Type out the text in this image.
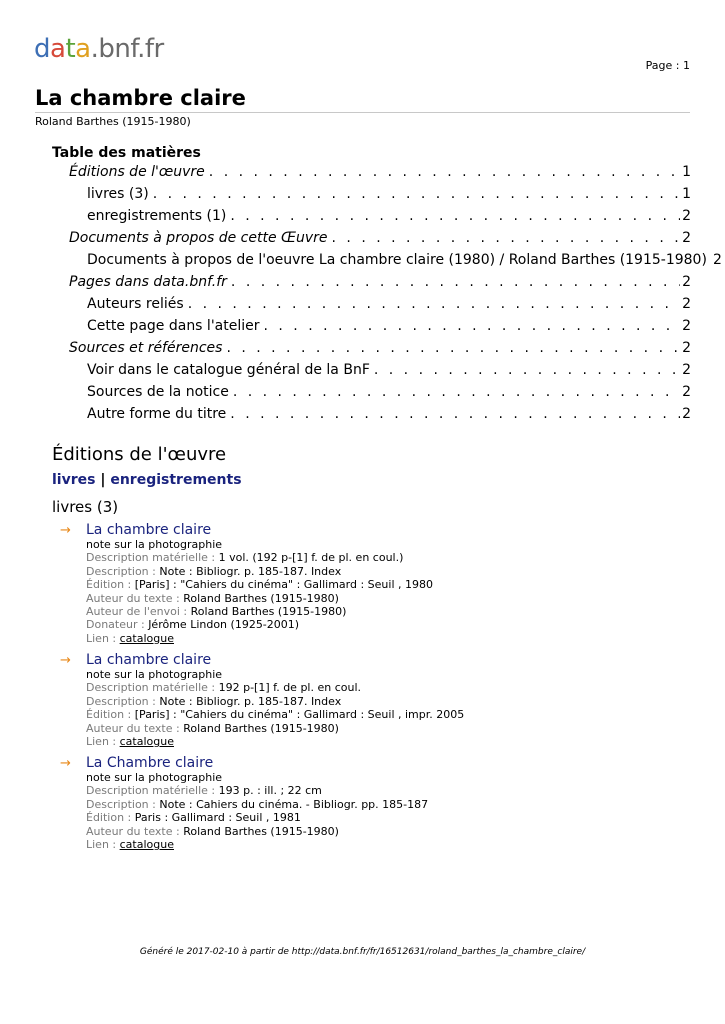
data.bnf.fr
Page : 1
La chambre claire
Roland Barthes (1915-1980)
Table des matières
Éditions de l'œuvre . . .	1
livres (3) . . .	1
enregistrements (1) . . .	2
Documents à propos de cette Œuvre . . .	2
Documents à propos de l'oeuvre La chambre claire (1980) / Roland Barthes (1915-1980) 2
Pages dans data.bnf.fr . . .	2
Auteurs reliés . . .	2
Cette page dans l'atelier . . .	2
Sources et références . . .	2
Voir dans le catalogue général de la BnF . . .	2
Sources de la notice . . .	2
Autre forme du titre . . .	2
Éditions de l'œuvre
livres | enregistrements
livres (3)
→ La chambre claire
note sur la photographie
Description matérielle : 1 vol. (192 p-[1] f. de pl. en coul.)
Description : Note : Bibliogr. p. 185-187. Index
Édition : [Paris] : "Cahiers du cinéma" : Gallimard : Seuil , 1980
Auteur du texte : Roland Barthes (1915-1980)
Auteur de l'envoi : Roland Barthes (1915-1980)
Donateur : Jérôme Lindon (1925-2001)
Lien : catalogue
→ La chambre claire
note sur la photographie
Description matérielle : 192 p-[1] f. de pl. en coul.
Description : Note : Bibliogr. p. 185-187. Index
Édition : [Paris] : "Cahiers du cinéma" : Gallimard : Seuil , impr. 2005
Auteur du texte : Roland Barthes (1915-1980)
Lien : catalogue
→ La Chambre claire
note sur la photographie
Description matérielle : 193 p. : ill. ; 22 cm
Description : Note : Cahiers du cinéma. - Bibliogr. pp. 185-187
Édition : Paris : Gallimard : Seuil , 1981
Auteur du texte : Roland Barthes (1915-1980)
Lien : catalogue
Généré le 2017-02-10 à partir de http://data.bnf.fr/fr/16512631/roland_barthes_la_chambre_claire/
